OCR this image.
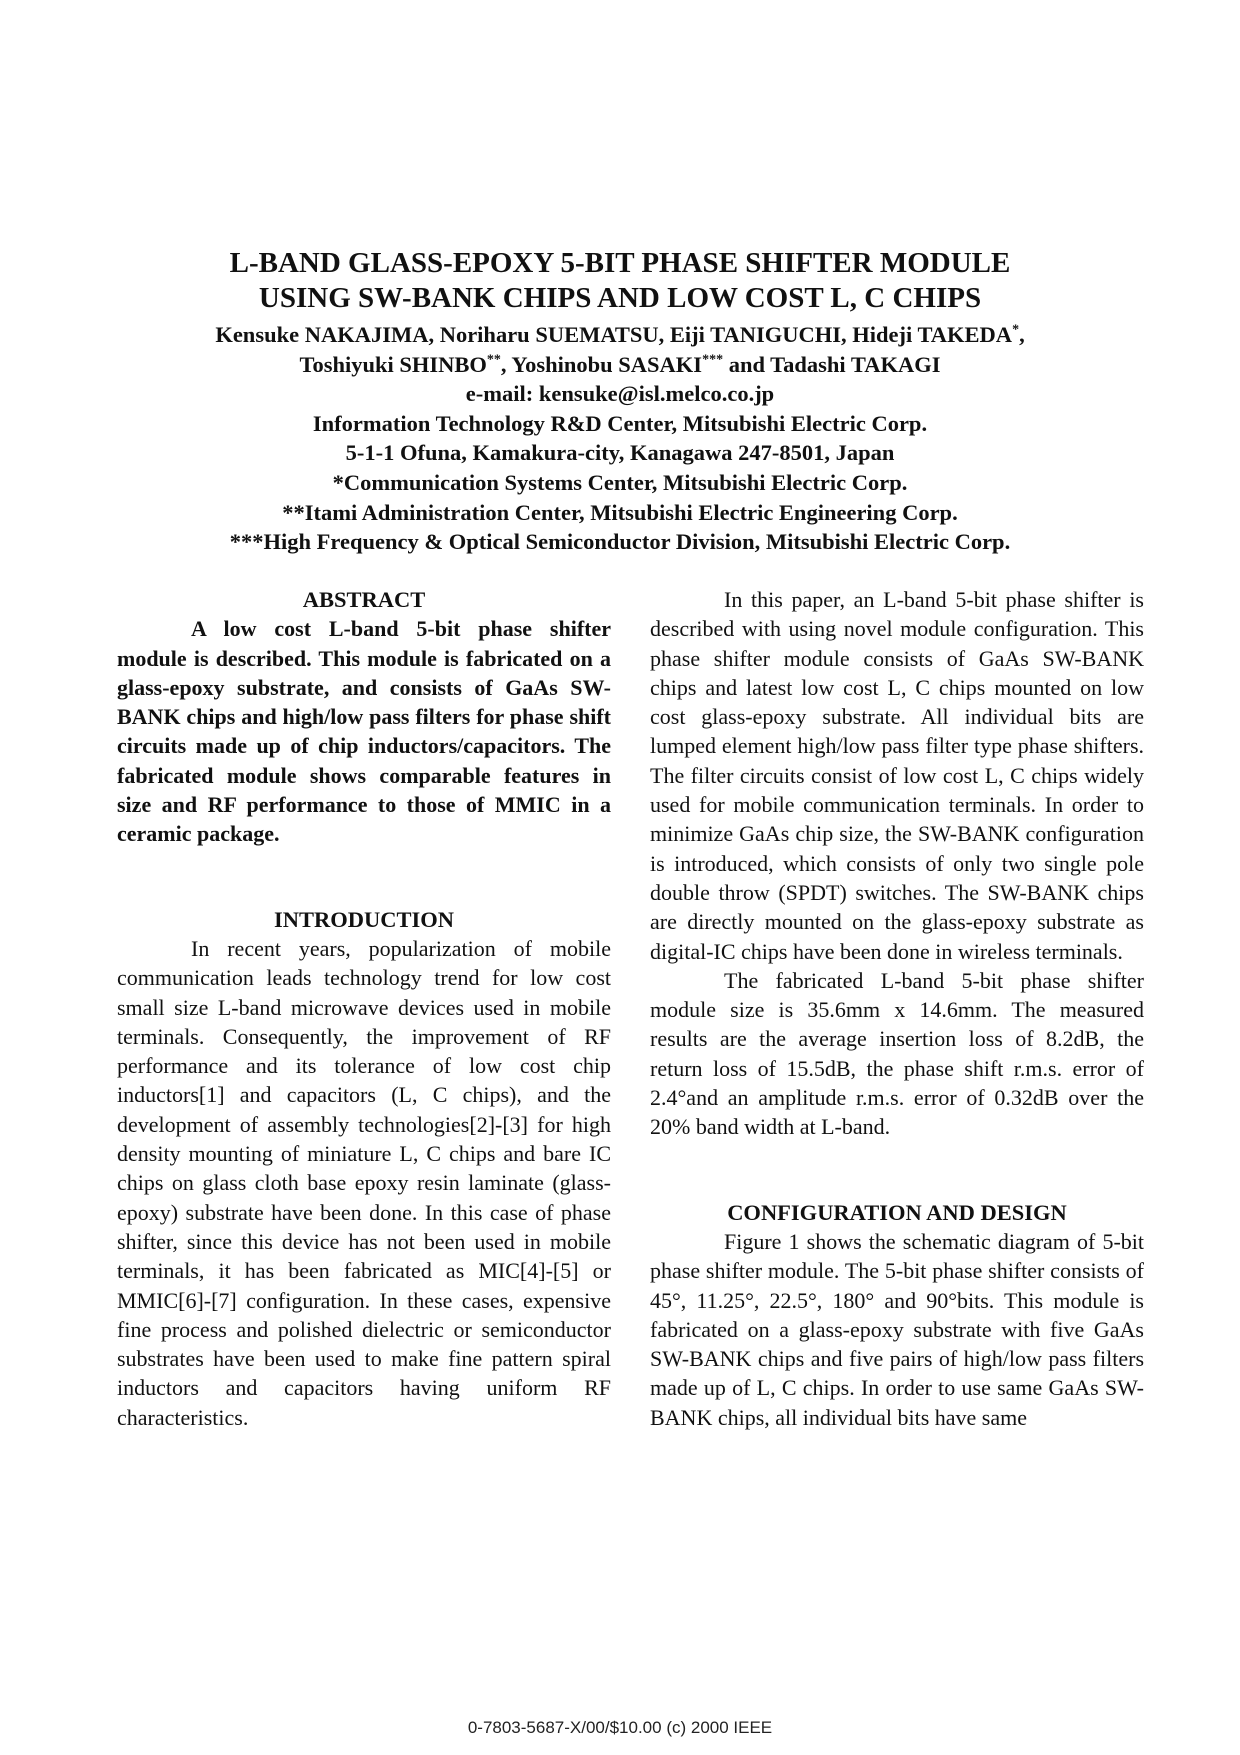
L-BAND GLASS-EPOXY 5-BIT PHASE SHIFTER MODULE
USING SW-BANK CHIPS AND LOW COST L, C CHIPS
Kensuke NAKAJIMA, Noriharu SUEMATSU, Eiji TANIGUCHI, Hideji TAKEDA*,
Toshiyuki SHINBO**, Yoshinobu SASAKI*** and Tadashi TAKAGI
e-mail: kensuke@isl.melco.co.jp
Information Technology R&D Center, Mitsubishi Electric Corp.
5-1-1 Ofuna, Kamakura-city, Kanagawa 247-8501, Japan
*Communication Systems Center, Mitsubishi Electric Corp.
**Itami Administration Center, Mitsubishi Electric Engineering Corp.
***High Frequency & Optical Semiconductor Division, Mitsubishi Electric Corp.
ABSTRACT

A low cost L-band 5-bit phase shifter module is described. This module is fabricated on a glass-epoxy substrate, and consists of GaAs SW-BANK chips and high/low pass filters for phase shift circuits made up of chip inductors/capacitors. The fabricated module shows comparable features in size and RF performance to those of MMIC in a ceramic package.

INTRODUCTION

In recent years, popularization of mobile communication leads technology trend for low cost small size L-band microwave devices used in mobile terminals. Consequently, the improvement of RF performance and its tolerance of low cost chip inductors[1] and capacitors (L, C chips), and the development of assembly technologies[2]-[3] for high density mounting of miniature L, C chips and bare IC chips on glass cloth base epoxy resin laminate (glass-epoxy) substrate have been done. In this case of phase shifter, since this device has not been used in mobile terminals, it has been fabricated as MIC[4]-[5] or MMIC[6]-[7] configuration. In these cases, expensive fine process and polished dielectric or semiconductor substrates have been used to make fine pattern spiral inductors and capacitors having uniform RF characteristics.

In this paper, an L-band 5-bit phase shifter is described with using novel module configuration. This phase shifter module consists of GaAs SW-BANK chips and latest low cost L, C chips mounted on low cost glass-epoxy substrate. All individual bits are lumped element high/low pass filter type phase shifters. The filter circuits consist of low cost L, C chips widely used for mobile communication terminals. In order to minimize GaAs chip size, the SW-BANK configuration is introduced, which consists of only two single pole double throw (SPDT) switches. The SW-BANK chips are directly mounted on the glass-epoxy substrate as digital-IC chips have been done in wireless terminals.

The fabricated L-band 5-bit phase shifter module size is 35.6mm x 14.6mm. The measured results are the average insertion loss of 8.2dB, the return loss of 15.5dB, the phase shift r.m.s. error of 2.4°and an amplitude r.m.s. error of 0.32dB over the 20% band width at L-band.

CONFIGURATION AND DESIGN

Figure 1 shows the schematic diagram of 5-bit phase shifter module. The 5-bit phase shifter consists of 45°, 11.25°, 22.5°, 180° and 90°bits. This module is fabricated on a glass-epoxy substrate with five GaAs SW-BANK chips and five pairs of high/low pass filters made up of L, C chips. In order to use same GaAs SW-BANK chips, all individual bits have same

0-7803-5687-X/00/$10.00 (c) 2000 IEEE
